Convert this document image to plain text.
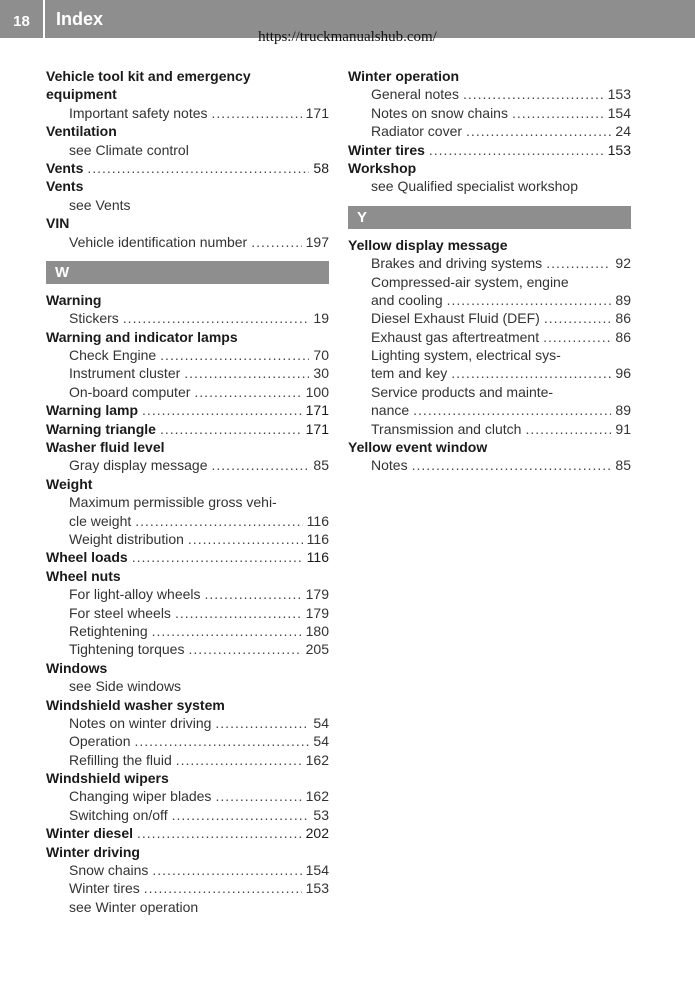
18	Index
https://truckmanualshub.com/
Vehicle tool kit and emergency
equipment
Important safety notes .....	171
Ventilation
see Climate control
Vents .....	58
Vents
see Vents
VIN
Vehicle identification number .....	197
W
Warning
Stickers .....	19
Warning and indicator lamps
Check Engine .....	70
Instrument cluster .....	30
On-board computer .....	100
Warning lamp .....	171
Warning triangle .....	171
Washer fluid level
Gray display message .....	85
Weight
Maximum permissible gross vehi-
cle weight .....	116
Weight distribution .....	116
Wheel loads .....	116
Wheel nuts
For light-alloy wheels .....	179
For steel wheels .....	179
Retightening .....	180
Tightening torques .....	205
Windows
see Side windows
Windshield washer system
Notes on winter driving .....	54
Operation .....	54
Refilling the fluid .....	162
Windshield wipers
Changing wiper blades .....	162
Switching on/off .....	53
Winter diesel .....	202
Winter driving
Snow chains .....	154
Winter tires .....	153
see Winter operation
Winter operation
General notes .....	153
Notes on snow chains .....	154
Radiator cover .....	24
Winter tires .....	153
Workshop
see Qualified specialist workshop
Y
Yellow display message
Brakes and driving systems .....	92
Compressed-air system, engine
and cooling .....	89
Diesel Exhaust Fluid (DEF) .....	86
Exhaust gas aftertreatment .....	86
Lighting system, electrical sys-
tem and key .....	96
Service products and mainte-
nance .....	89
Transmission and clutch .....	91
Yellow event window
Notes .....	85
